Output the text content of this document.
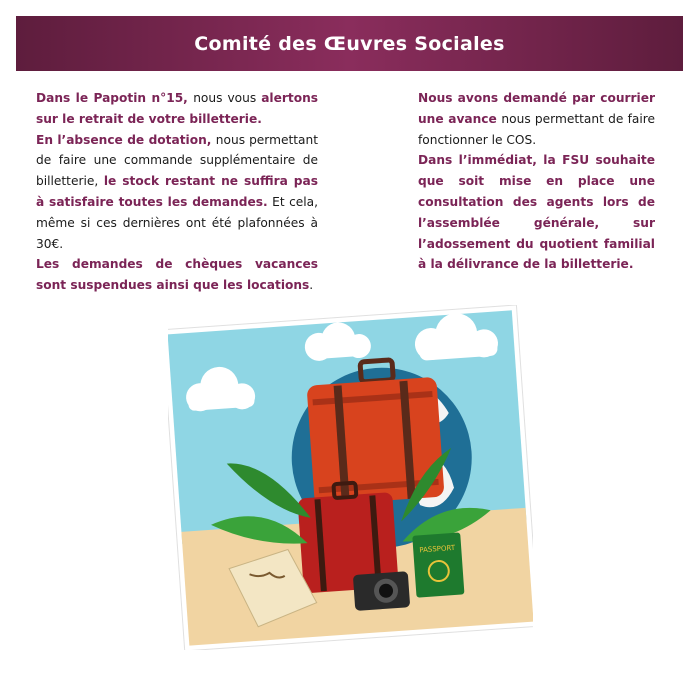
Comité des Œuvres Sociales

Dans le Papotin n°15, nous vous alertons sur le retrait de votre billetterie.

En l’absence de dotation, nous permettant de faire une commande supplémentaire de billetterie, le stock restant ne suffira pas à satisfaire toutes les demandes. Et cela, même si ces dernières ont été plafonnées à 30€.

Les demandes de chèques vacances sont suspendues ainsi que les locations.

Nous avons demandé par courrier une avance nous permettant de faire fonctionner le COS.

Dans l’immédiat, la FSU souhaite que soit mise en place une consultation des agents lors de l’assemblée générale, sur l’adossement du quotient familial à la délivrance de la billetterie.

PASSPORT
